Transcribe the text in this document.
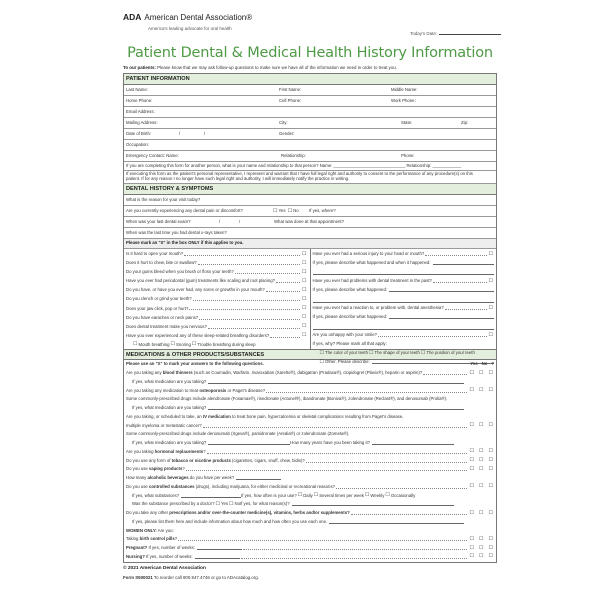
ADA American Dental Association®
America's leading advocate for oral health
Today's Date:
Patient Dental & Medical Health History Information
To our patients: Please know that we may ask follow-up questions to make sure we have all of the information we need in order to treat you.
PATIENT INFORMATION
Last Name:	First Name:	Middle Name:
Home Phone:	Cell Phone:	Work Phone:
Email Address:
Mailing Address:	City:	State:	Zip:
Date of Birth:	/	/	Gender:
Occupation:
Emergency Contact: Name:	Relationship:	Phone:
If you are completing this form for another person, what is your name and relationship to that person? Name: ______________________________ Relationship: ____________
If executing this form as the patient's personal representative, I represent and warrant that I have full legal right and authority to consent to the performance of any procedure(s) on this
patient. If for any reason I no longer have such legal right and authority, I will immediately notify the practice in writing.
DENTAL HISTORY & SYMPTOMS
What is the reason for your visit today?
Are you currently experiencing any dental pain or discomfort?	☐Yes ☐No If yes, where?
When was your last dental exam?	/	/	What was done at that appointment?
When was the last time you had dental x-rays taken?
Please mark an "X" in the box ONLY if this applies to you.
Is it hard to open your mouth?	☐
Does it hurt to chew, bite or swallow?	☐
Do your gums bleed when you brush or floss your teeth?	☐
Have you ever had periodontal (gum) treatments like scaling and root planing?	☐
Do you have, or have you ever had, any sores or growths in your mouth?	☐
Do you clench or grind your teeth?	☐
Does your jaw click, pop or hurt?	☐
Do you have earaches or neck pains?	☐
Does dental treatment make you nervous?	☐
Have you ever experienced any of these sleep-related breathing disorders?	☐
☐ Mouth breathing ☐ Snoring ☐ Trouble breathing during sleep
Have you ever had a serious injury to your head or mouth?	☐
If yes, please describe what happened and when it happened:
Have you ever had problems with dental treatment in the past?	☐
If yes, please describe what happened:
Have you ever had a reaction to, or problem with, dental anesthesia?	☐
If yes, please describe what happened:
Are you unhappy with your smile?	☐
If yes, why? Please mark all that apply:
☐ The color of your teeth ☐ The shape of your teeth ☐ The position of your teeth
☐ Other. Please describe:
MEDICATIONS & OTHER PRODUCTS/SUBSTANCES
Please use an "X" to mark your answers to the following questions.	Yes No ?
Are you taking any blood thinners (such as Coumadin, Warfarin, rivaroxaban (Xarelto®), dabigatran (Pradaxa®), clopidogrel (Plavix®), heparin or aspirin)?	☐ ☐ ☐
If yes, what medication are you taking?
Are you taking any medication to treat osteoporosis or Paget's disease?	☐ ☐ ☐
Some commonly-prescribed drugs include alendronate (Fosamax®), risedronate (Actonel®), ibandronate (Boniva®), zolendronate (Reclast®), and denosumab (Prolia®).
If yes, what medication are you taking?
Are you taking, or scheduled to take, an IV medication to treat bone pain, hypercalcemia or skeletal complications resulting from Paget's disease,
multiple myeloma or metastatic cancer?	☐ ☐ ☐
Some commonly-prescribed drugs include denosumab (Xgeva®), pamidronate (Aredia®) or zolendronate (Zometa®).
If yes, what medication are you taking?	How many years have you been taking it?
Are you taking hormonal replacements?	☐ ☐ ☐
Do you use any form of tobacco or nicotine products (cigarettes, cigars, snuff, chew, bidis)?	☐ ☐ ☐
Do you use vaping products?	☐ ☐ ☐
How many alcoholic beverages do you have per week?
Do you use controlled substances (drugs), including marijuana, for either medicinal or recreational reasons?	☐ ☐ ☐
If yes, what substances?	If yes, how often is your use? ☐ Daily ☐ Several times per week ☐ Weekly ☐ Occasionally
Was the substance prescribed by a doctor? ☐ Yes ☐ No If yes, for what reason(s)?
Do you take any other prescriptions and/or over-the-counter medicine(s), vitamins, herbs and/or supplements?	☐ ☐ ☐
If yes, please list them here and include information about how much and how often you use each one.
WOMEN ONLY: Are you:
Taking birth control pills?	☐ ☐ ☐
Pregnant? If yes, number of weeks:	☐ ☐ ☐
Nursing? If yes, number of weeks:	☐ ☐ ☐
© 2021 American Dental Association
Form S500021 To reorder call 800.947.4746 or go to ADAcatalog.org.
